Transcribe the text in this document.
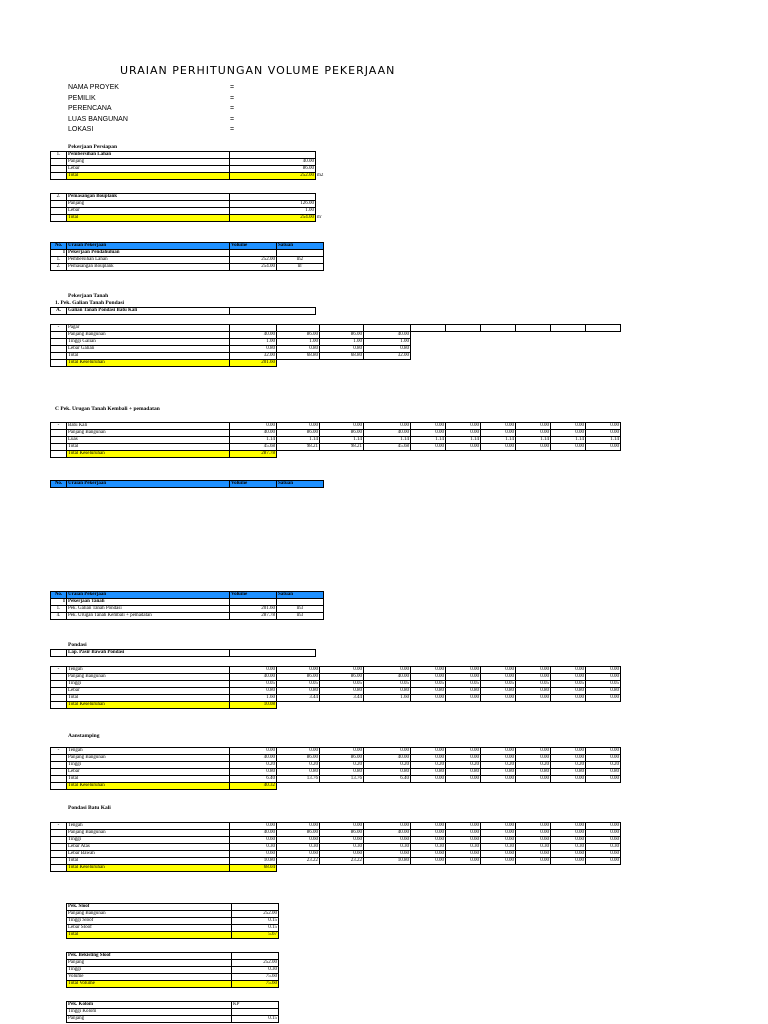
URAIAN PERHITUNGAN VOLUME PEKERJAAN
NAMA PROYEK	=
PEMILIK	=
PERENCANA	=
LUAS BANGUNAN	=
LOKASI	=
Pekerjaan Persiapan
1.	Pembersihan Lahan		
	Panjang	40.00	
	Lebar	86.00	
	Total	252.00	m2
2.	Pemasangan Bouplank		
	Panjang	126.00	
	Lebar	1.00	
	Total	254.00	m'
No.	Uraian Pekerjaan	Volume	Satuan
I	Pekerjaan Pendahuluan		
1.	Pembersihan Lahan	252.00	m2
2.	Pemasangan Bouplank	254.00	m'
Pekerjaan Tanah
1. Pek. Galian Tanah Pondasi
A.	Galian Tanah Pondasi Batu Kali	
-	Pagar										
	Panjang Bangunan	40.00	86.00	86.00	40.00						
	Tinggi Galian	1.00	1.00	1.00	1.00						
	Lebar Galian	0.80	0.80	0.80	0.80						
	Total	32.00	68.80	68.80	32.00						
	Total Keseluruhan	201.60									
C Pek. Urugan Tanah Kembali + pemadatan
-	Batu Kali	0.00	0.00	0.00	0.00	0.00	0.00	0.00	0.00	0.00	0.00
	Panjang Bangunan	40.00	86.00	86.00	40.00	0.00	0.00	0.00	0.00	0.00	0.00
	Luas	1.14	1.14	1.14	1.14	1.14	1.14	1.14	1.14	1.14	1.14
	Total	45.68	98.21	98.21	45.68	0.00	0.00	0.00	0.00	0.00	0.00
	Total Keseluruhan	287.78									
No.	Uraian Pekerjaan	Volume	Satuan
No.	Uraian Pekerjaan	Volume	Satuan
I	Pekerjaan Tanah		
1.	Pek. Galian Tanah Pondasi	201.60	m3
4.	Pek. Urugan Tanah Kembali + pemadatan	287.78	m3
Pondasi
	Lap. Pasir Bawah Pondasi	
-	Tengah	0.00	0.00	0.00	0.00	0.00	0.00	0.00	0.00	0.00	0.00
	Panjang Bangunan	40.00	86.00	86.00	40.00	0.00	0.00	0.00	0.00	0.00	0.00
	Tinggi	0.05	0.05	0.05	0.05	0.05	0.05	0.05	0.05	0.05	0.05
	Lebar	0.80	0.80	0.80	0.80	0.80	0.80	0.80	0.80	0.80	0.80
	Total	1.60	3.44	3.44	1.60	0.00	0.00	0.00	0.00	0.00	0.00
	Total Keseluruhan	10.08									
Aanstamping
-	Tengah	0.00	0.00	0.00	0.00	0.00	0.00	0.00	0.00	0.00	0.00
	Panjang Bangunan	40.00	86.00	86.00	40.00	0.00	0.00	0.00	0.00	0.00	0.00
	Tinggi	0.20	0.20	0.20	0.20	0.20	0.20	0.20	0.20	0.20	0.20
	Lebar	0.80	0.80	0.80	0.80	0.80	0.80	0.80	0.80	0.80	0.80
	Total	6.40	13.76	13.76	6.40	0.00	0.00	0.00	0.00	0.00	0.00
	Total Keseluruhan	40.32									
Pondasi Batu Kali
-	Tengah	0.00	0.00	0.00	0.00	0.00	0.00	0.00	0.00	0.00	0.00
	Panjang Bangunan	40.00	86.00	86.00	40.00	0.00	0.00	0.00	0.00	0.00	0.00
	Tinggi	0.60	0.60	0.60	0.60	0.60	0.60	0.60	0.60	0.60	0.60
	Lebar Atas	0.30	0.30	0.30	0.30	0.30	0.30	0.30	0.30	0.30	0.30
	Lebar Bawah	0.60	0.60	0.60	0.60	0.60	0.60	0.60	0.60	0.60	0.60
	Total	10.80	23.22	23.22	10.80	0.00	0.00	0.00	0.00	0.00	0.00
	Total Keseluruhan	68.04									
Pek. Sloof	
Panjang Bangunan	252.00
Tinggi Sloof	0.15
Lebar Sloof	0.15
Total	5.67
Pek. Bekisting Sloof	
Panjang	252.00
Tinggi	0.30
Volume	75.60
Total Volume	75.60
Pek. Kolom	KP
Tinggi Kolom	
Panjang	0.15
